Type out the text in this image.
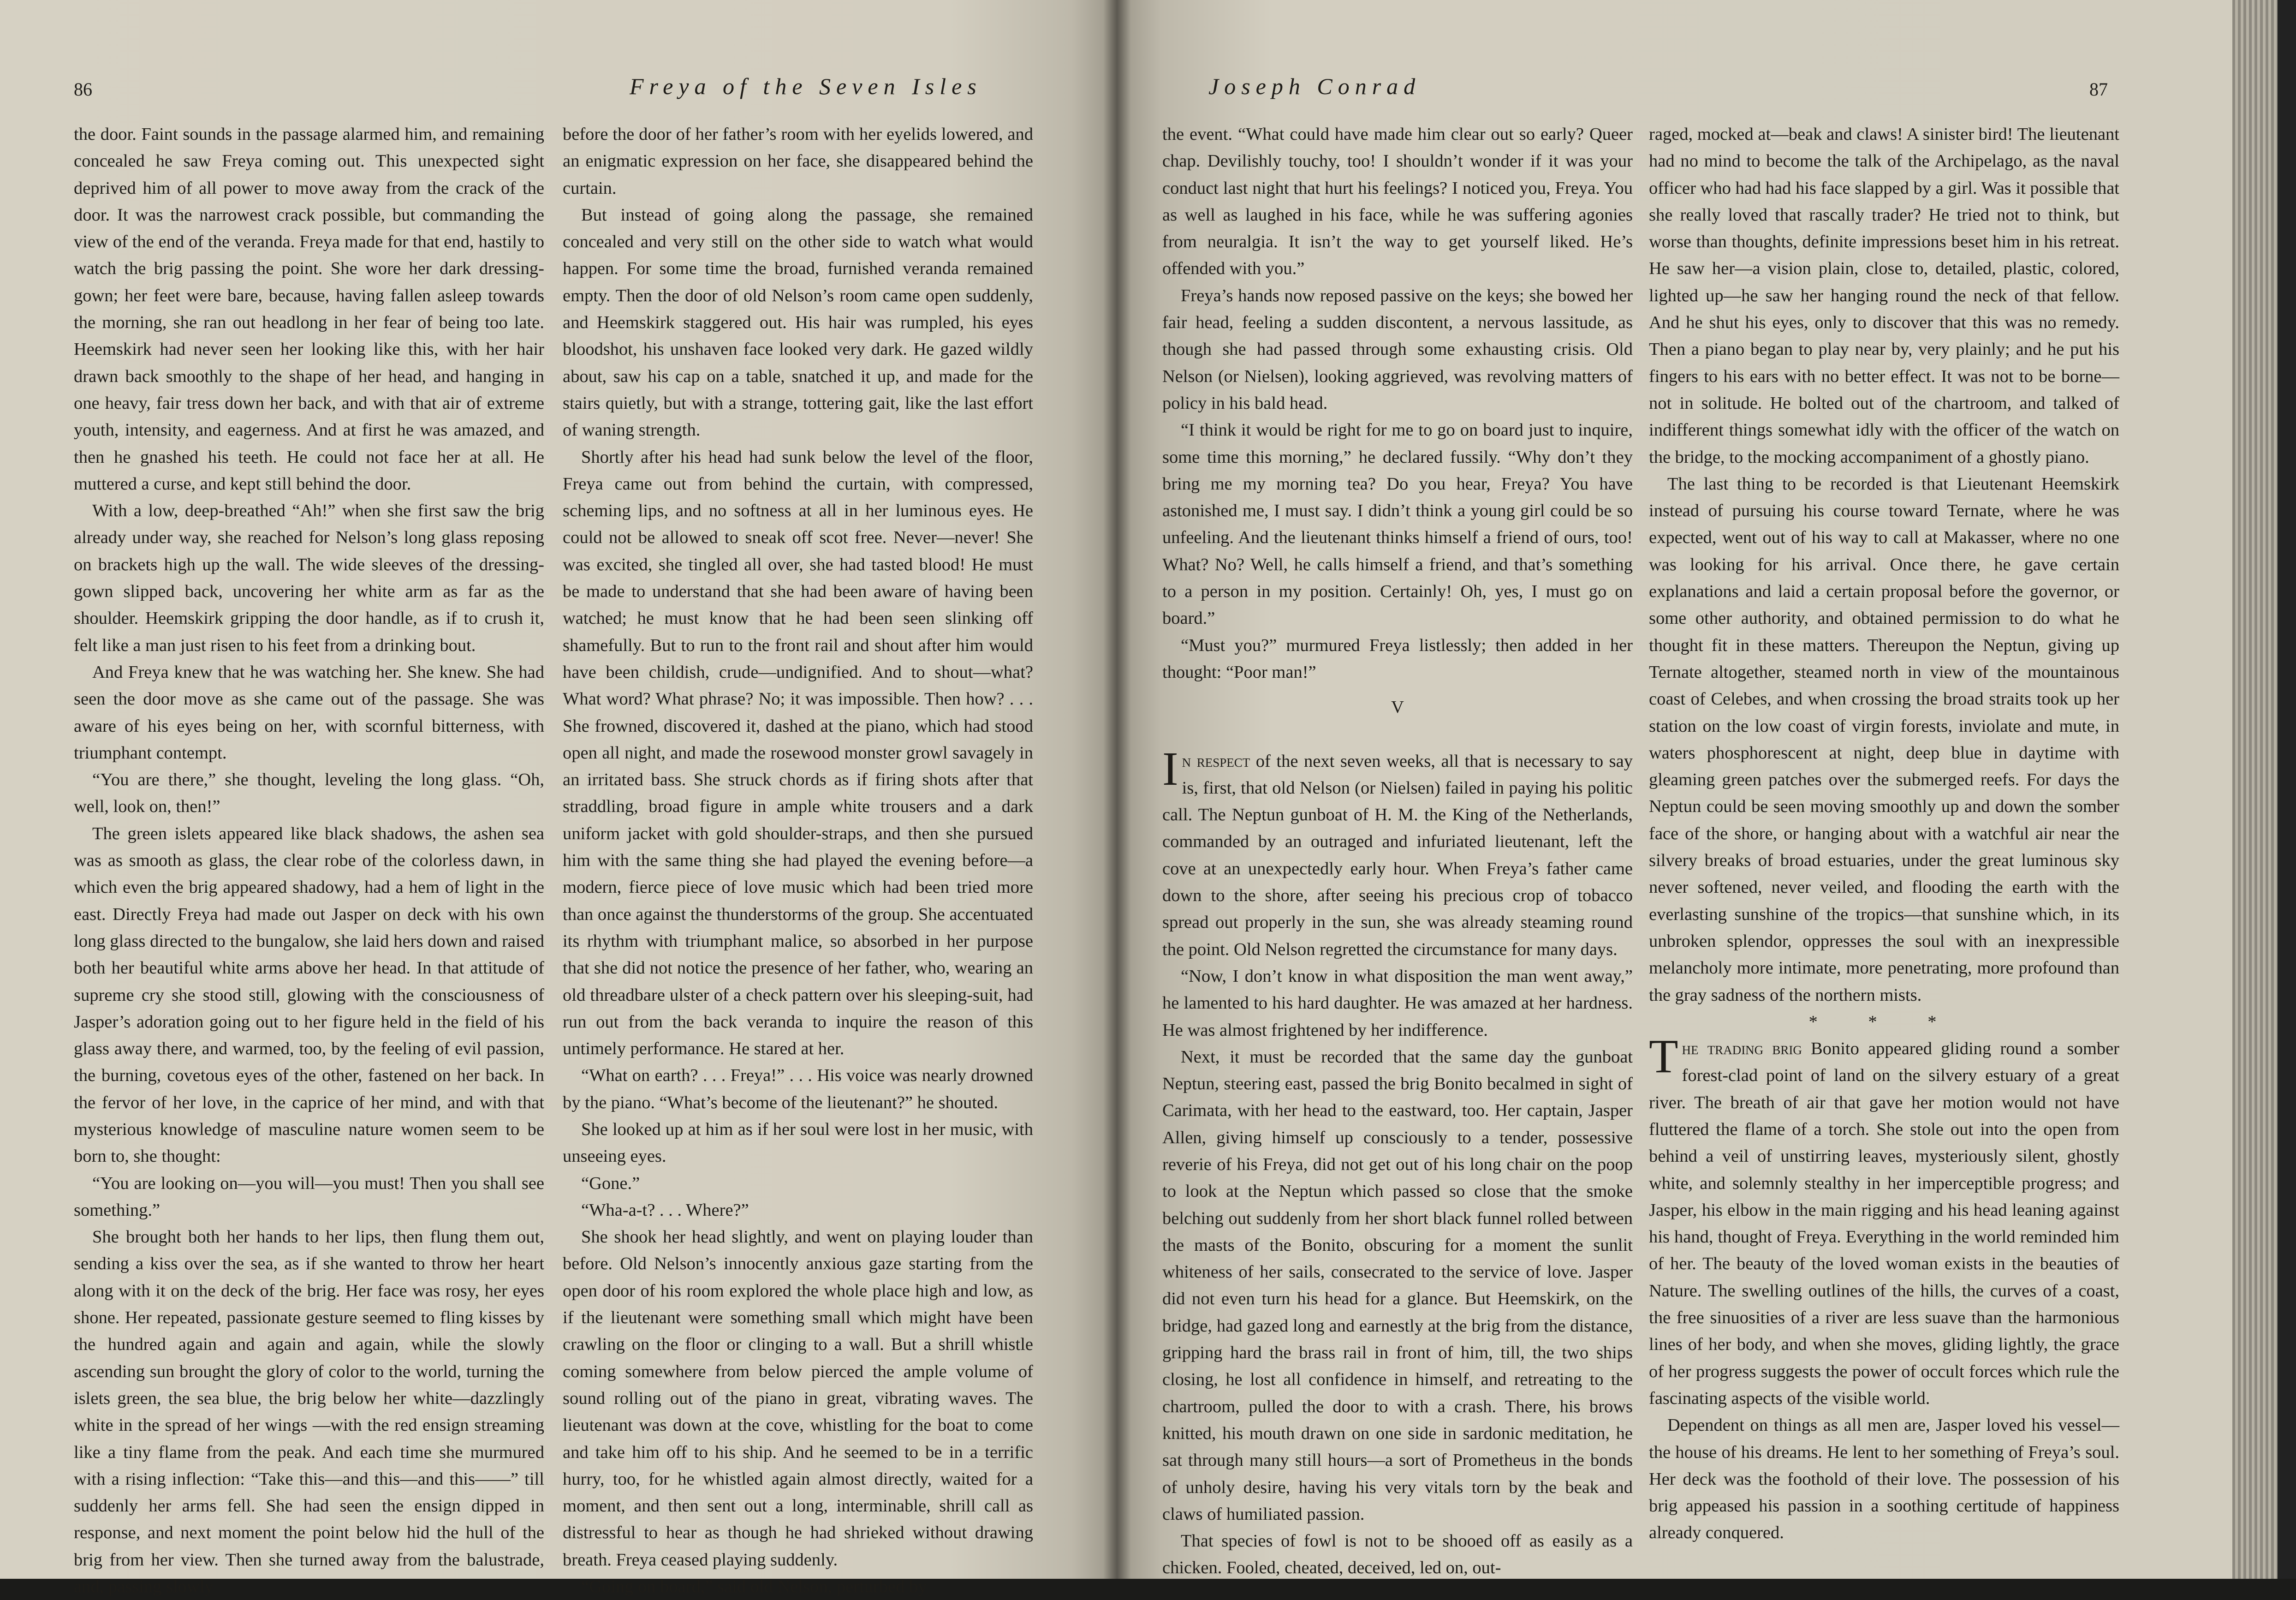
86	Freya of the Seven Isles

the door. Faint sounds in the passage alarmed him, and remaining concealed he saw Freya coming out. This unexpected sight deprived him of all power to move away from the crack of the door. It was the narrowest crack possible, but commanding the view of the end of the veranda. Freya made for that end, hastily to watch the brig passing the point. She wore her dark dressing-gown; her feet were bare, because, having fallen asleep towards the morning, she ran out headlong in her fear of being too late. Heemskirk had never seen her looking like this, with her hair drawn back smoothly to the shape of her head, and hanging in one heavy, fair tress down her back, and with that air of extreme youth, intensity, and eagerness. And at first he was amazed, and then he gnashed his teeth. He could not face her at all. He muttered a curse, and kept still behind the door.

With a low, deep-breathed “Ah!” when she first saw the brig already under way, she reached for Nelson’s long glass reposing on brackets high up the wall. The wide sleeves of the dressing-gown slipped back, uncovering her white arm as far as the shoulder. Heemskirk gripping the door handle, as if to crush it, felt like a man just risen to his feet from a drinking bout.

And Freya knew that he was watching her. She knew. She had seen the door move as she came out of the passage. She was aware of his eyes being on her, with scornful bitterness, with triumphant contempt.

“You are there,” she thought, leveling the long glass. “Oh, well, look on, then!”

The green islets appeared like black shadows, the ashen sea was as smooth as glass, the clear robe of the colorless dawn, in which even the brig appeared shadowy, had a hem of light in the east. Directly Freya had made out Jasper on deck with his own long glass directed to the bungalow, she laid hers down and raised both her beautiful white arms above her head. In that attitude of supreme cry she stood still, glowing with the consciousness of Jasper’s adoration going out to her figure held in the field of his glass away there, and warmed, too, by the feeling of evil passion, the burning, covetous eyes of the other, fastened on her back. In the fervor of her love, in the caprice of her mind, and with that mysterious knowledge of masculine nature women seem to be born to, she thought:

“You are looking on—you will—you must! Then you shall see something.”

She brought both her hands to her lips, then flung them out, sending a kiss over the sea, as if she wanted to throw her heart along with it on the deck of the brig. Her face was rosy, her eyes shone. Her repeated, passionate gesture seemed to fling kisses by the hundred again and again and again, while the slowly ascending sun brought the glory of color to the world, turning the islets green, the sea blue, the brig below her white—dazzlingly white in the spread of her wings —with the red ensign streaming like a tiny flame from the peak. And each time she murmured with a rising inflection: “Take this—and this—and this——” till suddenly her arms fell. She had seen the ensign dipped in response, and next moment the point below hid the hull of the brig from her view. Then she turned away from the balustrade, and, passing slowly

before the door of her father’s room with her eyelids lowered, and an enigmatic expression on her face, she disappeared behind the curtain.

But instead of going along the passage, she remained concealed and very still on the other side to watch what would happen. For some time the broad, furnished veranda remained empty. Then the door of old Nelson’s room came open suddenly, and Heemskirk staggered out. His hair was rumpled, his eyes bloodshot, his unshaven face looked very dark. He gazed wildly about, saw his cap on a table, snatched it up, and made for the stairs quietly, but with a strange, tottering gait, like the last effort of waning strength.

Shortly after his head had sunk below the level of the floor, Freya came out from behind the curtain, with compressed, scheming lips, and no softness at all in her luminous eyes. He could not be allowed to sneak off scot free. Never—never! She was excited, she tingled all over, she had tasted blood! He must be made to understand that she had been aware of having been watched; he must know that he had been seen slinking off shamefully. But to run to the front rail and shout after him would have been childish, crude—undignified. And to shout—what? What word? What phrase? No; it was impossible. Then how? . . . She frowned, discovered it, dashed at the piano, which had stood open all night, and made the rosewood monster growl savagely in an irritated bass. She struck chords as if firing shots after that straddling, broad figure in ample white trousers and a dark uniform jacket with gold shoulder-straps, and then she pursued him with the same thing she had played the evening before—a modern, fierce piece of love music which had been tried more than once against the thunderstorms of the group. She accentuated its rhythm with triumphant malice, so absorbed in her purpose that she did not notice the presence of her father, who, wearing an old threadbare ulster of a check pattern over his sleeping-suit, had run out from the back veranda to inquire the reason of this untimely performance. He stared at her.

“What on earth? . . . Freya!” . . . His voice was nearly drowned by the piano. “What’s become of the lieutenant?” he shouted.

She looked up at him as if her soul were lost in her music, with unseeing eyes.

“Gone.”

“Wha-a-t? . . . Where?”

She shook her head slightly, and went on playing louder than before. Old Nelson’s innocently anxious gaze starting from the open door of his room explored the whole place high and low, as if the lieutenant were something small which might have been crawling on the floor or clinging to a wall. But a shrill whistle coming somewhere from below pierced the ample volume of sound rolling out of the piano in great, vibrating waves. The lieutenant was down at the cove, whistling for the boat to come and take him off to his ship. And he seemed to be in a terrific hurry, too, for he whistled again almost directly, waited for a moment, and then sent out a long, interminable, shrill call as distressful to hear as though he had shrieked without drawing breath. Freya ceased playing suddenly.

“Going on board,” said old Nelson, perturbed by

Joseph Conrad	87

the event. “What could have made him clear out so early? Queer chap. Devilishly touchy, too! I shouldn’t wonder if it was your conduct last night that hurt his feelings? I noticed you, Freya. You as well as laughed in his face, while he was suffering agonies from neuralgia. It isn’t the way to get yourself liked. He’s offended with you.”

Freya’s hands now reposed passive on the keys; she bowed her fair head, feeling a sudden discontent, a nervous lassitude, as though she had passed through some exhausting crisis. Old Nelson (or Nielsen), looking aggrieved, was revolving matters of policy in his bald head.

“I think it would be right for me to go on board just to inquire, some time this morning,” he declared fussily. “Why don’t they bring me my morning tea? Do you hear, Freya? You have astonished me, I must say. I didn’t think a young girl could be so unfeeling. And the lieutenant thinks himself a friend of ours, too! What? No? Well, he calls himself a friend, and that’s something to a person in my position. Certainly! Oh, yes, I must go on board.”

“Must you?” murmured Freya listlessly; then added in her thought: “Poor man!”

V

In respect of the next seven weeks, all that is necessary to say is, first, that old Nelson (or Nielsen) failed in paying his politic call. The Neptun gunboat of H. M. the King of the Netherlands, commanded by an outraged and infuriated lieutenant, left the cove at an unexpectedly early hour. When Freya’s father came down to the shore, after seeing his precious crop of tobacco spread out properly in the sun, she was already steaming round the point. Old Nelson regretted the circumstance for many days.

“Now, I don’t know in what disposition the man went away,” he lamented to his hard daughter. He was amazed at her hardness. He was almost frightened by her indifference.

Next, it must be recorded that the same day the gunboat Neptun, steering east, passed the brig Bonito becalmed in sight of Carimata, with her head to the eastward, too. Her captain, Jasper Allen, giving himself up consciously to a tender, possessive reverie of his Freya, did not get out of his long chair on the poop to look at the Neptun which passed so close that the smoke belching out suddenly from her short black funnel rolled between the masts of the Bonito, obscuring for a moment the sunlit whiteness of her sails, consecrated to the service of love. Jasper did not even turn his head for a glance. But Heemskirk, on the bridge, had gazed long and earnestly at the brig from the distance, gripping hard the brass rail in front of him, till, the two ships closing, he lost all confidence in himself, and retreating to the chartroom, pulled the door to with a crash. There, his brows knitted, his mouth drawn on one side in sardonic meditation, he sat through many still hours—a sort of Prometheus in the bonds of unholy desire, having his very vitals torn by the beak and claws of humiliated passion.

That species of fowl is not to be shooed off as easily as a chicken. Fooled, cheated, deceived, led on, out-

raged, mocked at—beak and claws! A sinister bird! The lieutenant had no mind to become the talk of the Archipelago, as the naval officer who had had his face slapped by a girl. Was it possible that she really loved that rascally trader? He tried not to think, but worse than thoughts, definite impressions beset him in his retreat. He saw her—a vision plain, close to, detailed, plastic, colored, lighted up—he saw her hanging round the neck of that fellow. And he shut his eyes, only to discover that this was no remedy. Then a piano began to play near by, very plainly; and he put his fingers to his ears with no better effect. It was not to be borne—not in solitude. He bolted out of the chartroom, and talked of indifferent things somewhat idly with the officer of the watch on the bridge, to the mocking accompaniment of a ghostly piano.

The last thing to be recorded is that Lieutenant Heemskirk instead of pursuing his course toward Ternate, where he was expected, went out of his way to call at Makasser, where no one was looking for his arrival. Once there, he gave certain explanations and laid a certain proposal before the governor, or some other authority, and obtained permission to do what he thought fit in these matters. Thereupon the Neptun, giving up Ternate altogether, steamed north in view of the mountainous coast of Celebes, and when crossing the broad straits took up her station on the low coast of virgin forests, inviolate and mute, in waters phosphorescent at night, deep blue in daytime with gleaming green patches over the submerged reefs. For days the Neptun could be seen moving smoothly up and down the somber face of the shore, or hanging about with a watchful air near the silvery breaks of broad estuaries, under the great luminous sky never softened, never veiled, and flooding the earth with the everlasting sunshine of the tropics—that sunshine which, in its unbroken splendor, oppresses the soul with an inexpressible melancholy more intimate, more penetrating, more profound than the gray sadness of the northern mists.

* * *

The trading brig Bonito appeared gliding round a somber forest-clad point of land on the silvery estuary of a great river. The breath of air that gave her motion would not have fluttered the flame of a torch. She stole out into the open from behind a veil of unstirring leaves, mysteriously silent, ghostly white, and solemnly stealthy in her imperceptible progress; and Jasper, his elbow in the main rigging and his head leaning against his hand, thought of Freya. Everything in the world reminded him of her. The beauty of the loved woman exists in the beauties of Nature. The swelling outlines of the hills, the curves of a coast, the free sinuosities of a river are less suave than the harmonious lines of her body, and when she moves, gliding lightly, the grace of her progress suggests the power of occult forces which rule the fascinating aspects of the visible world.

Dependent on things as all men are, Jasper loved his vessel—the house of his dreams. He lent to her something of Freya’s soul. Her deck was the foothold of their love. The possession of his brig appeased his passion in a soothing certitude of happiness already conquered.
